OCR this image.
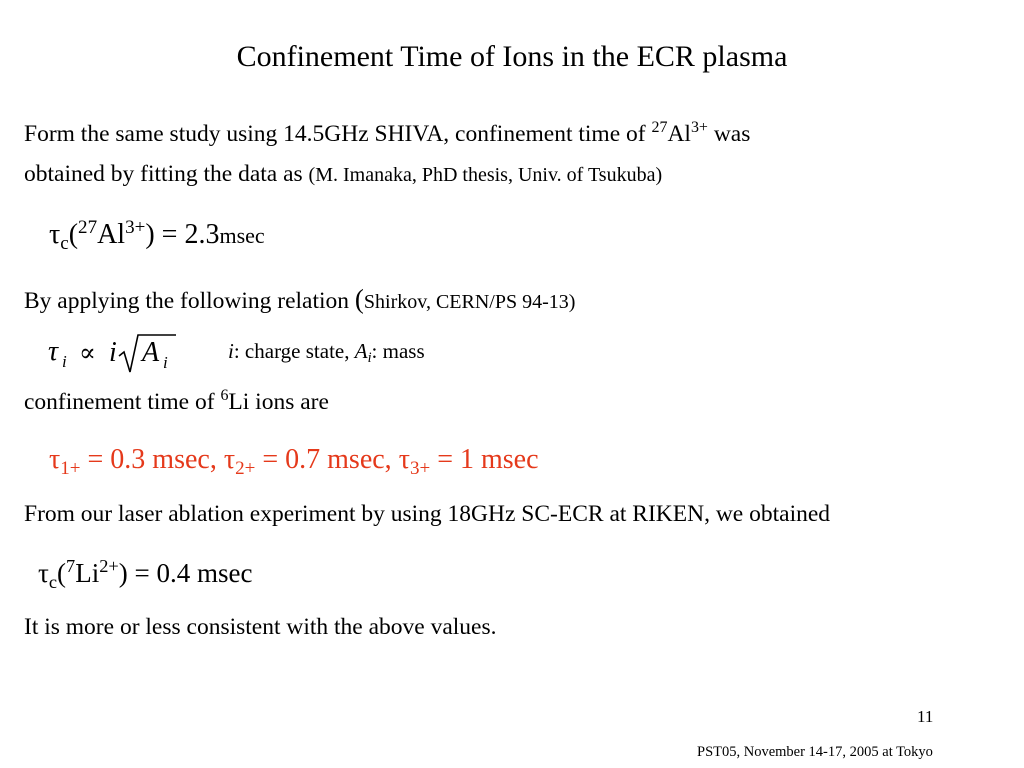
Confinement Time of Ions in the ECR plasma
Form the same study using 14.5GHz SHIVA, confinement time of $^{27}Al^{3+}$ was
obtained by fitting the data as (M. Imanaka, PhD thesis, Univ. of Tsukuba)
$\tau_c(^{27}Al^{3+}) = 2.3msec$
By applying the following relation (Shirkov, CERN/PS 94-13)
τ i ∝ i A i	i: charge state, $A_i$: mass
confinement time of $^6$Li ions are
$\tau_{1+} = 0.3$ msec, $\tau_{2+} = 0.7$ msec, $\tau_{3+} = 1$ msec
From our laser ablation experiment by using 18GHz SC-ECR at RIKEN, we obtained
$\tau_c(^7Li^{2+}) = 0.4$ msec
It is more or less consistent with the above values.
11
PST05, November 14-17, 2005 at Tokyo
